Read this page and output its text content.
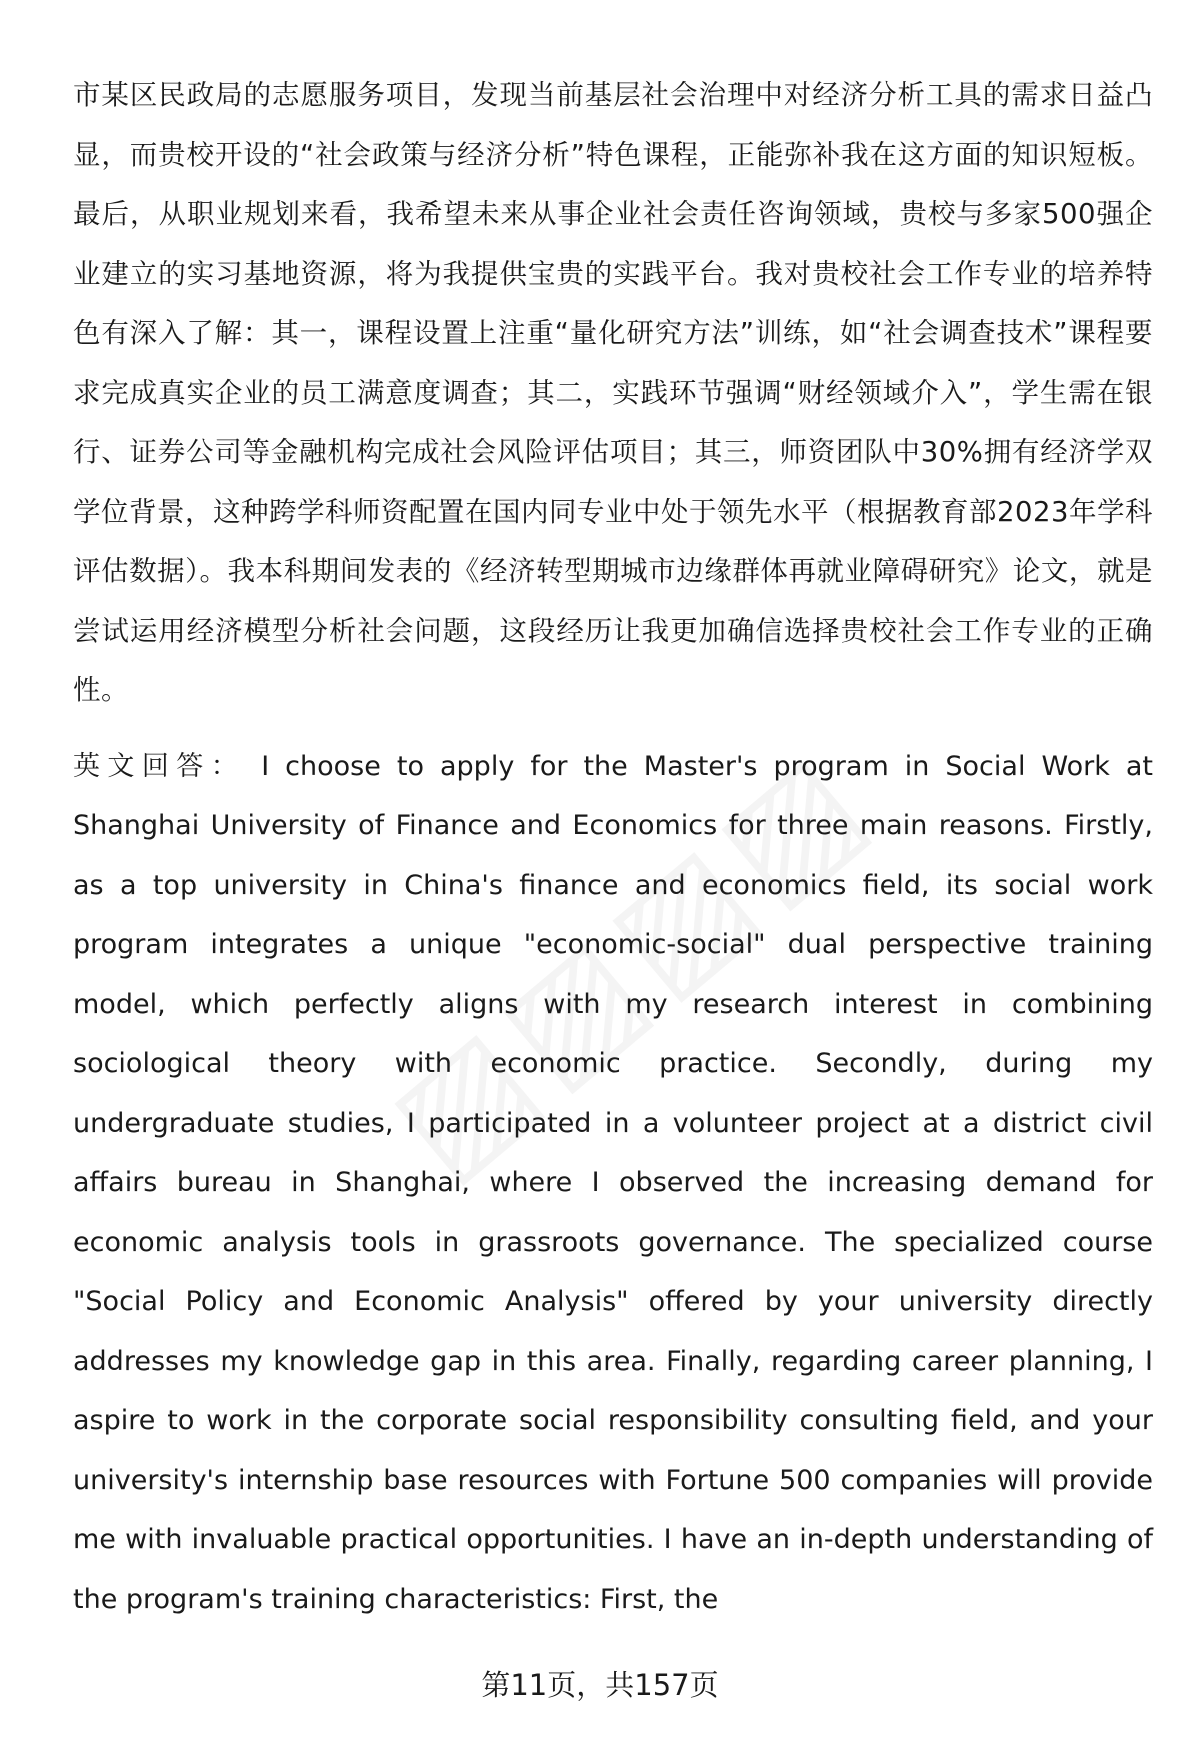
市某区民政局的志愿服务项目，发现当前基层社会治理中对经济分析工具的需求日益凸显，而贵校开设的“社会政策与经济分析”特色课程，正能弥补我在这方面的知识短板。最后，从职业规划来看，我希望未来从事企业社会责任咨询领域，贵校与多家500强企业建立的实习基地资源，将为我提供宝贵的实践平台。我对贵校社会工作专业的培养特色有深入了解：其一，课程设置上注重“量化研究方法”训练，如“社会调查技术”课程要求完成真实企业的员工满意度调查；其二，实践环节强调“财经领域介入”，学生需在银行、证券公司等金融机构完成社会风险评估项目；其三，师资团队中30%拥有经济学双学位背景，这种跨学科师资配置在国内同专业中处于领先水平（根据教育部2023年学科评估数据）。我本科期间发表的《经济转型期城市边缘群体再就业障碍研究》论文，就是尝试运用经济模型分析社会问题，这段经历让我更加确信选择贵校社会工作专业的正确性。

英文回答： I choose to apply for the Master's program in Social Work at Shanghai University of Finance and Economics for three main reasons. Firstly, as a top university in China's finance and economics field, its social work program integrates a unique "economic-social" dual perspective training model, which perfectly aligns with my research interest in combining sociological theory with economic practice. Secondly, during my undergraduate studies, I participated in a volunteer project at a district civil affairs bureau in Shanghai, where I observed the increasing demand for economic analysis tools in grassroots governance. The specialized course "Social Policy and Economic Analysis" offered by your university directly addresses my knowledge gap in this area. Finally, regarding career planning, I aspire to work in the corporate social responsibility consulting field, and your university's internship base resources with Fortune 500 companies will provide me with invaluable practical opportunities. I have an in-depth understanding of the program's training characteristics: First, the

第11页，共157页
